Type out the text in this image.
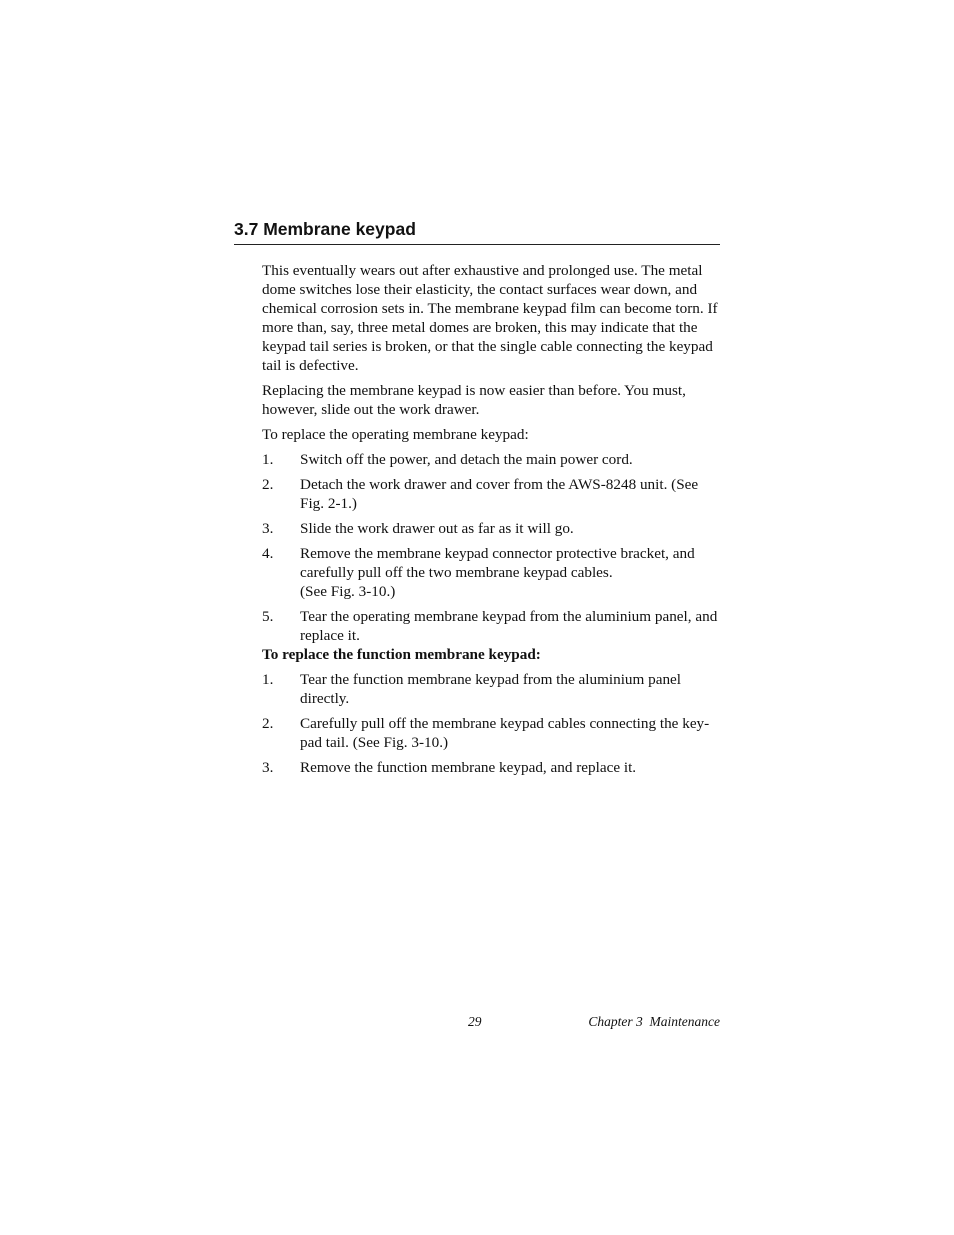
3.7 Membrane keypad

This eventually wears out after exhaustive and prolonged use. The metal dome switches lose their elasticity, the contact surfaces wear down, and chemical corrosion sets in. The membrane keypad film can become torn. If more than, say, three metal domes are broken, this may indicate that the keypad tail series is broken, or that the single cable connecting the keypad tail is defective.

Replacing the membrane keypad is now easier than before. You must, however, slide out the work drawer.

To replace the operating membrane keypad:

1.	Switch off the power, and detach the main power cord.
2.	Detach the work drawer and cover from the AWS-8248 unit. (See Fig. 2-1.)
3.	Slide the work drawer out as far as it will go.
4.	Remove the membrane keypad connector protective bracket, and carefully pull off the two membrane keypad cables.
(See Fig. 3-10.)
5.	Tear the operating membrane keypad from the aluminium panel, and replace it.

To replace the function membrane keypad:

1.	Tear the function membrane keypad from the aluminium panel directly.
2.	Carefully pull off the membrane keypad cables connecting the key-pad tail. (See Fig. 3-10.)
3.	Remove the function membrane keypad, and replace it.
29	Chapter 3  Maintenance
